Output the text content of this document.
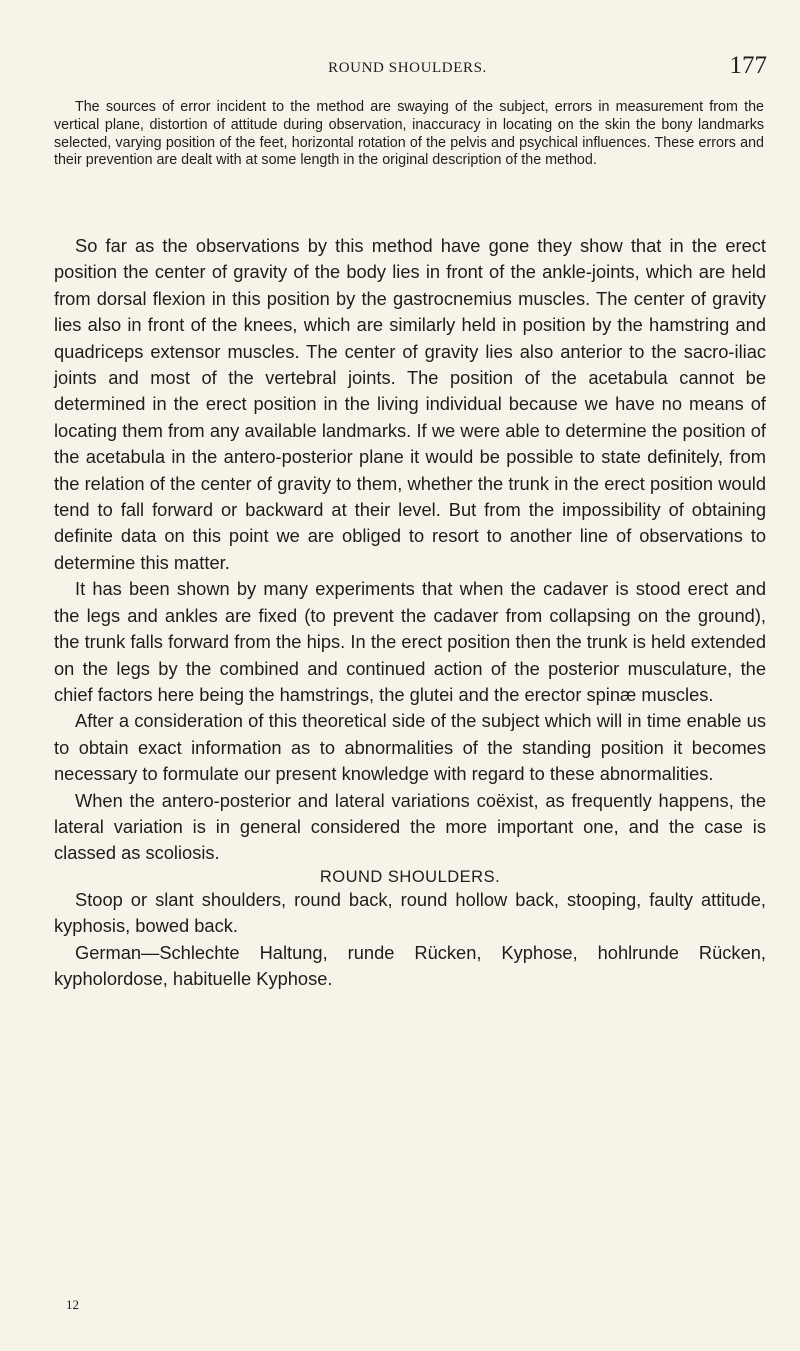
ROUND SHOULDERS.	177

The sources of error incident to the method are swaying of the subject, errors in measurement from the vertical plane, distortion of attitude during observation, inaccuracy in locating on the skin the bony landmarks selected, varying position of the feet, horizontal rotation of the pelvis and psychical influences. These errors and their prevention are dealt with at some length in the original description of the method.

So far as the observations by this method have gone they show that in the erect position the center of gravity of the body lies in front of the ankle-joints, which are held from dorsal flexion in this position by the gastrocnemius muscles. The center of gravity lies also in front of the knees, which are similarly held in position by the hamstring and quadriceps extensor muscles. The center of gravity lies also anterior to the sacro-iliac joints and most of the vertebral joints. The position of the acetabula cannot be determined in the erect position in the living individual because we have no means of locating them from any available landmarks. If we were able to determine the position of the acetabula in the antero-posterior plane it would be possible to state definitely, from the relation of the center of gravity to them, whether the trunk in the erect position would tend to fall forward or backward at their level. But from the impossibility of obtaining definite data on this point we are obliged to resort to another line of observations to determine this matter.

It has been shown by many experiments that when the cadaver is stood erect and the legs and ankles are fixed (to prevent the cadaver from collapsing on the ground), the trunk falls forward from the hips. In the erect position then the trunk is held extended on the legs by the combined and continued action of the posterior musculature, the chief factors here being the hamstrings, the glutei and the erector spinæ muscles.

After a consideration of this theoretical side of the subject which will in time enable us to obtain exact information as to abnormalities of the standing position it becomes necessary to formulate our present knowledge with regard to these abnormalities.

When the antero-posterior and lateral variations coëxist, as frequently happens, the lateral variation is in general considered the more important one, and the case is classed as scoliosis.

ROUND SHOULDERS.

Stoop or slant shoulders, round back, round hollow back, stooping, faulty attitude, kyphosis, bowed back.

German—Schlechte Haltung, runde Rücken, Kyphose, hohlrunde Rücken, kypholordose, habituelle Kyphose.

12
